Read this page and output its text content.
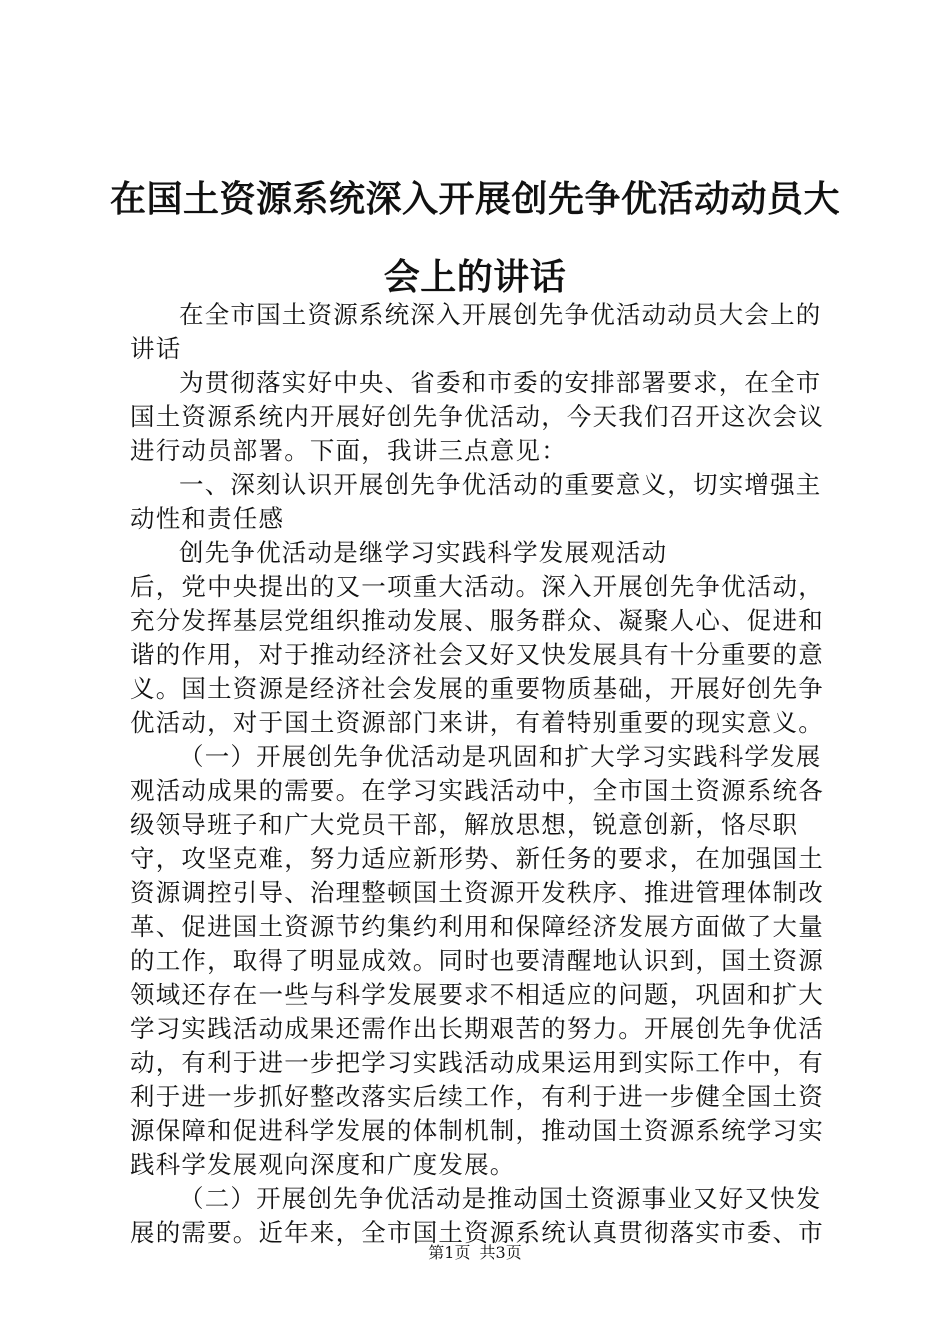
在国土资源系统深入开展创先争优活动动员大会上的讲话

在全市国土资源系统深入开展创先争优活动动员大会上的讲话

为贯彻落实好中央、省委和市委的安排部署要求，在全市国土资源系统内开展好创先争优活动，今天我们召开这次会议进行动员部署。下面，我讲三点意见：

一、深刻认识开展创先争优活动的重要意义，切实增强主动性和责任感

创先争优活动是继学习实践科学发展观活动

后，党中央提出的又一项重大活动。深入开展创先争优活动，充分发挥基层党组织推动发展、服务群众、凝聚人心、促进和谐的作用，对于推动经济社会又好又快发展具有十分重要的意义。国土资源是经济社会发展的重要物质基础，开展好创先争优活动，对于国土资源部门来讲，有着特别重要的现实意义。

（一）开展创先争优活动是巩固和扩大学习实践科学发展观活动成果的需要。在学习实践活动中，全市国土资源系统各级领导班子和广大党员干部，解放思想，锐意创新，恪尽职守，攻坚克难，努力适应新形势、新任务的要求，在加强国土资源调控引导、治理整顿国土资源开发秩序、推进管理体制改革、促进国土资源节约集约利用和保障经济发展方面做了大量的工作，取得了明显成效。同时也要清醒地认识到，国土资源领域还存在一些与科学发展要求不相适应的问题，巩固和扩大学习实践活动成果还需作出长期艰苦的努力。开展创先争优活动，有利于进一步把学习实践活动成果运用到实际工作中，有利于进一步抓好整改落实后续工作，有利于进一步健全国土资源保障和促进科学发展的体制机制，推动国土资源系统学习实践科学发展观向深度和广度发展。

（二）开展创先争优活动是推动国土资源事业又好又快发展的需要。近年来，全市国土资源系统认真贯彻落实市委、市

第1页 共3页
